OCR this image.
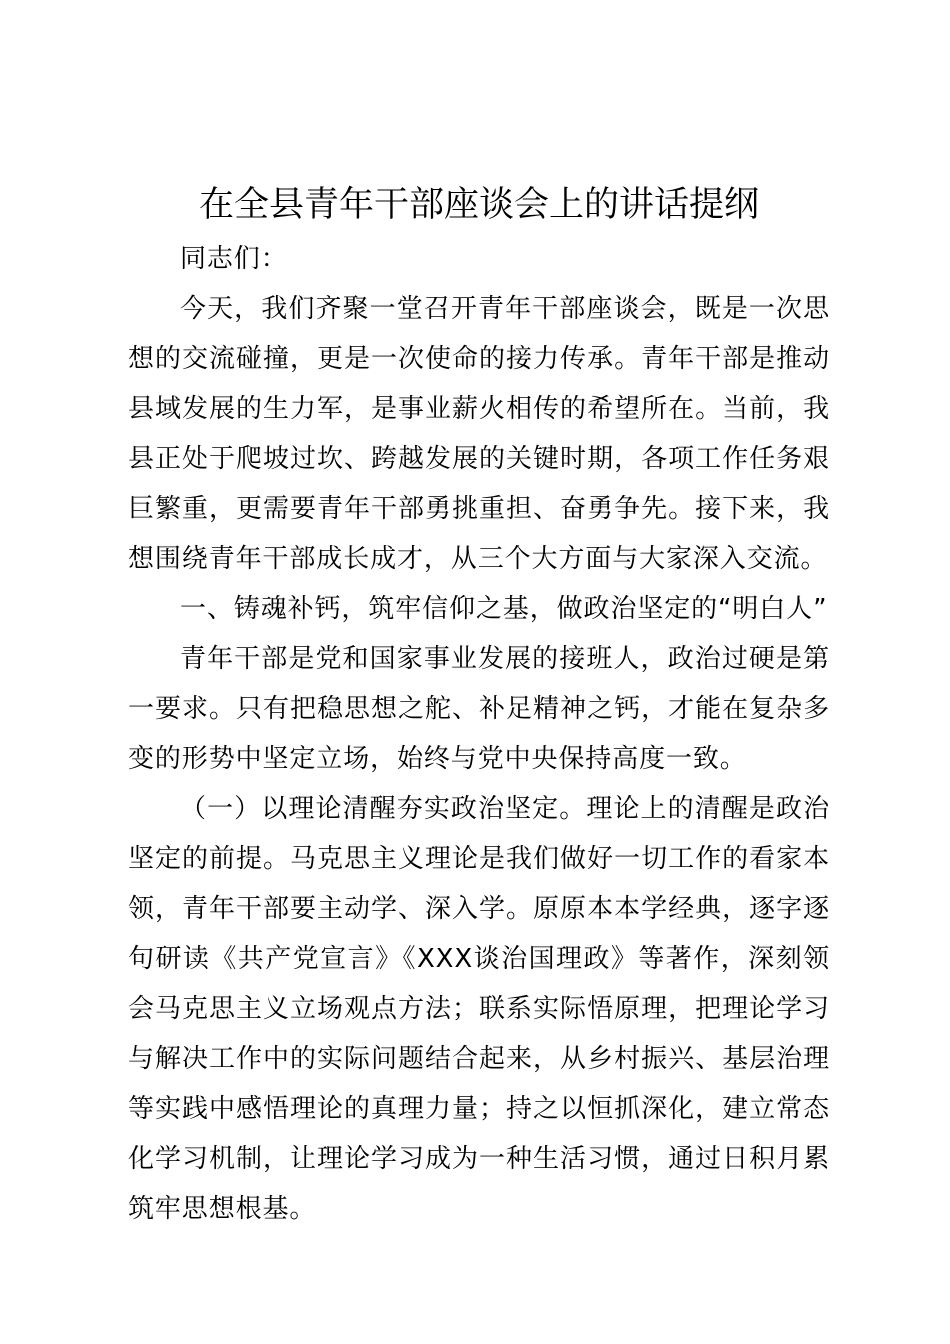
在全县青年干部座谈会上的讲话提纲

同志们：

今天，我们齐聚一堂召开青年干部座谈会，既是一次思想的交流碰撞，更是一次使命的接力传承。青年干部是推动县域发展的生力军，是事业薪火相传的希望所在。当前，我县正处于爬坡过坎、跨越发展的关键时期，各项工作任务艰巨繁重，更需要青年干部勇挑重担、奋勇争先。接下来，我想围绕青年干部成长成才，从三个大方面与大家深入交流。

一、铸魂补钙，筑牢信仰之基，做政治坚定的“明白人”

青年干部是党和国家事业发展的接班人，政治过硬是第一要求。只有把稳思想之舵、补足精神之钙，才能在复杂多变的形势中坚定立场，始终与党中央保持高度一致。

（一）以理论清醒夯实政治坚定。理论上的清醒是政治坚定的前提。马克思主义理论是我们做好一切工作的看家本领，青年干部要主动学、深入学。原原本本学经典，逐字逐句研读《共产党宣言》《XXX谈治国理政》等著作，深刻领会马克思主义立场观点方法；联系实际悟原理，把理论学习与解决工作中的实际问题结合起来，从乡村振兴、基层治理等实践中感悟理论的真理力量；持之以恒抓深化，建立常态化学习机制，让理论学习成为一种生活习惯，通过日积月累筑牢思想根基。
